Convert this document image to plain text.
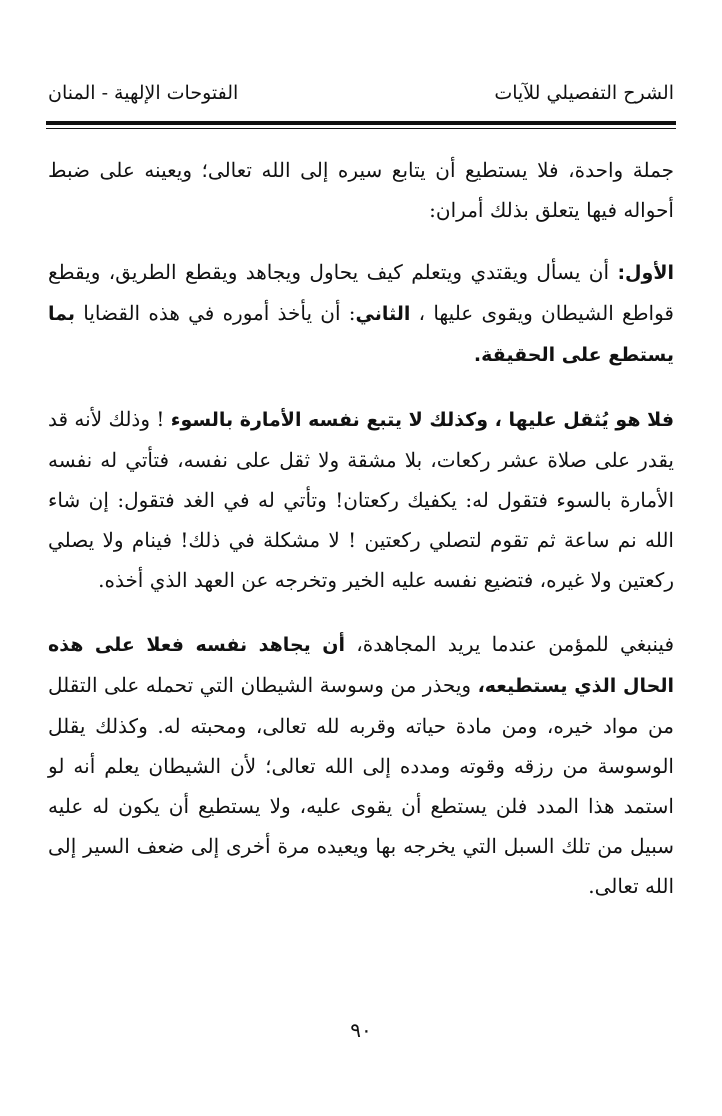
الشرح التفصيلي للآيات
الفتوحات الإلهية - المنان

جملة واحدة، فلا يستطيع أن يتابع سيره إلى الله تعالى؛ ويعينه على ضبط أحواله فيها يتعلق بذلك أمران:

الأول: أن يسأل ويقتدي ويتعلم كيف يحاول ويجاهد ويقطع الطريق، ويقطع قواطع الشيطان ويقوى عليها ، الثاني: أن يأخذ أموره في هذه القضايا بما يستطع على الحقيقة.

فلا هو يُثقل عليها ، وكذلك لا يتبع نفسه الأمارة بالسوء ! وذلك لأنه قد يقدر على صلاة عشر ركعات، بلا مشقة ولا ثقل على نفسه، فتأتي له نفسه الأمارة بالسوء فتقول له: يكفيك ركعتان! وتأتي له في الغد فتقول: إن شاء الله نم ساعة ثم تقوم لتصلي ركعتين ! لا مشكلة في ذلك! فينام ولا يصلي ركعتين ولا غيره، فتضيع نفسه عليه الخير وتخرجه عن العهد الذي أخذه.

فينبغي للمؤمن عندما يريد المجاهدة، أن يجاهد نفسه فعلا على هذه الحال الذي يستطيعه، ويحذر من وسوسة الشيطان التي تحمله على التقلل من مواد خيره، ومن مادة حياته وقربه لله تعالى، ومحبته له. وكذلك يقلل الوسوسة من رزقه وقوته ومدده إلى الله تعالى؛ لأن الشيطان يعلم أنه لو استمد هذا المدد فلن يستطع أن يقوى عليه، ولا يستطيع أن يكون له عليه سبيل من تلك السبل التي يخرجه بها ويعيده مرة أخرى إلى ضعف السير إلى الله تعالى.

٩٠
